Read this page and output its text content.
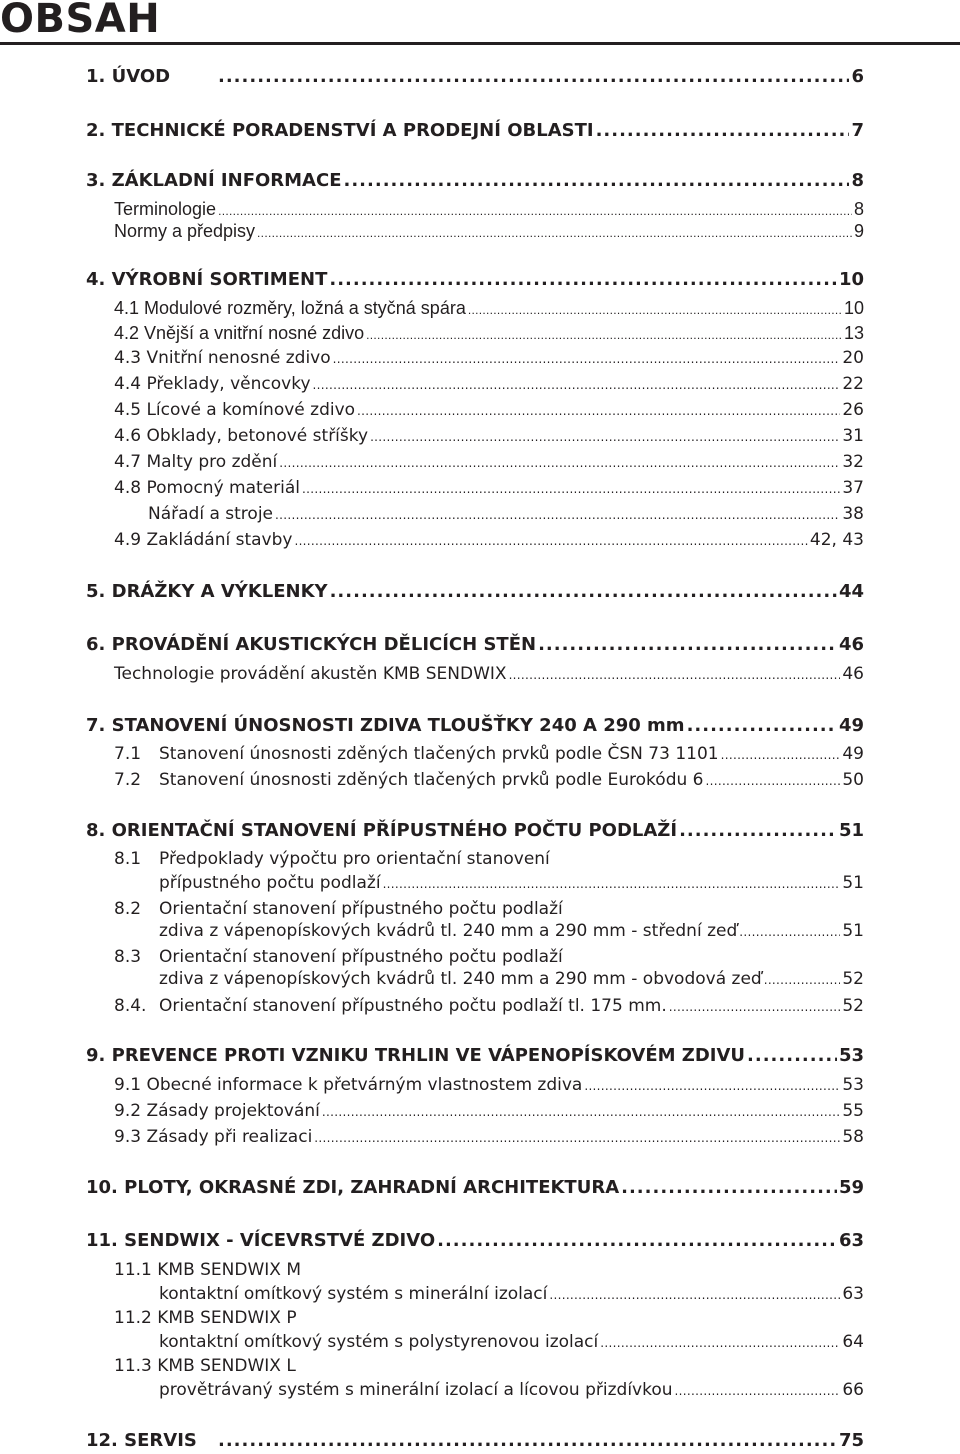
OBSAH
1. ÚVOD .....	6
2. TECHNICKÉ PORADENSTVÍ A PRODEJNÍ OBLASTI .....	7
3. ZÁKLADNÍ INFORMACE .....	8
Terminologie .....	8
Normy a předpisy .....	9
4. VÝROBNÍ SORTIMENT .....	10
4.1 Modulové rozměry, ložná a styčná spára .....	10
4.2 Vnější a vnitřní nosné zdivo .....	13
4.3 Vnitřní nenosné zdivo .....	20
4.4 Překlady, věncovky .....	22
4.5 Lícové a komínové zdivo .....	26
4.6 Obklady, betonové stříšky .....	31
4.7 Malty pro zdění .....	32
4.8 Pomocný materiál .....	37
Nářadí a stroje .....	38
4.9 Zakládání stavby .....	42, 43
5. DRÁŽKY A VÝKLENKY .....	44
6. PROVÁDĚNÍ AKUSTICKÝCH DĚLICÍCH STĚN .....	46
Technologie provádění akustěn KMB SENDWIX .....	46
7. STANOVENÍ ÚNOSNOSTI ZDIVA TLOUŠŤKY 240 A 290 mm .....	49
7.1	Stanovení únosnosti zděných tlačených prvků podle ČSN 73 1101 .....	49
7.2	Stanovení únosnosti zděných tlačených prvků podle Eurokódu 6 .....	50
8. ORIENTAČNÍ STANOVENÍ PŘÍPUSTNÉHO POČTU PODLAŽÍ .....	51
8.1 Předpoklady výpočtu pro orientační stanovení
přípustného počtu podlaží .....	51
8.2 Orientační stanovení přípustného počtu podlaží
zdiva z vápenopískových kvádrů tl. 240 mm a 290 mm - střední zeď .....	51
8.3 Orientační stanovení přípustného počtu podlaží
zdiva z vápenopískových kvádrů tl. 240 mm a 290 mm - obvodová zeď .....	52
8.4. Orientační stanovení přípustného počtu podlaží tl. 175 mm. .....	52
9. PREVENCE PROTI VZNIKU TRHLIN VE VÁPENOPÍSKOVÉM ZDIVU .....	53
9.1 Obecné informace k přetvárným vlastnostem zdiva .....	53
9.2 Zásady projektování .....	55
9.3 Zásady při realizaci .....	58
10. PLOTY, OKRASNÉ ZDI, ZAHRADNÍ ARCHITEKTURA .....	59
11. SENDWIX - VÍCEVRSTVÉ ZDIVO .....	63
11.1 KMB SENDWIX M
kontaktní omítkový systém s minerální izolací .....	63
11.2 KMB SENDWIX P
kontaktní omítkový systém s polystyrenovou izolací .....	64
11.3 KMB SENDWIX L
provětrávaný systém s minerální izolací a lícovou přizdívkou .....	66
12. SERVIS .....	75
